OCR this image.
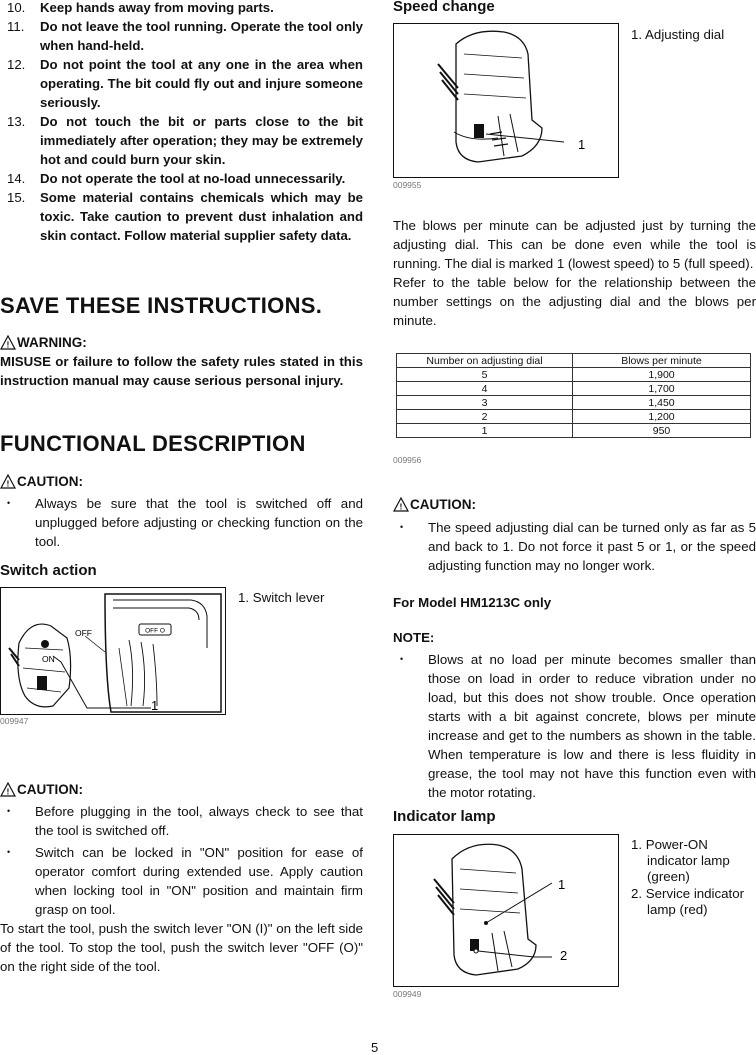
10.	Keep hands away from moving parts.
11.	Do not leave the tool running. Operate the tool only when hand-held.
12.	Do not point the tool at any one in the area when operating. The bit could fly out and injure someone seriously.
13.	Do not touch the bit or parts close to the bit immediately after operation; they may be extremely hot and could burn your skin.
14.	Do not operate the tool at no-load unnecessarily.
15.	Some material contains chemicals which may be toxic. Take caution to prevent dust inhalation and skin contact. Follow material supplier safety data.
SAVE THESE INSTRUCTIONS.
! WARNING:

MISUSE or failure to follow the safety rules stated in this instruction manual may cause serious personal injury.

FUNCTIONAL DESCRIPTION
! CAUTION:
•	Always be sure that the tool is switched off and unplugged before adjusting or checking function on the tool.
Switch action
OFF O
OFF
ON
1
1. Switch lever
009947
! CAUTION:
•	Before plugging in the tool, always check to see that the tool is switched off.
•	Switch can be locked in "ON" position for ease of operator comfort during extended use. Apply caution when locking tool in "ON" position and maintain firm grasp on tool.

To start the tool, push the switch lever "ON (I)" on the left side of the tool. To stop the tool, push the switch lever "OFF (O)" on the right side of the tool.

Speed change
1
1. Adjusting dial
009955

The blows per minute can be adjusted just by turning the adjusting dial. This can be done even while the tool is running. The dial is marked 1 (lowest speed) to 5 (full speed).

Refer to the table below for the relationship between the number settings on the adjusting dial and the blows per minute.

Number on adjusting dial	Blows per minute
5	1,900
4	1,700
3	1,450
2	1,200
1	950
009956
! CAUTION:
•	The speed adjusting dial can be turned only as far as 5 and back to 1. Do not force it past 5 or 1, or the speed adjusting function may no longer work.
For Model HM1213C only
NOTE:
•	Blows at no load per minute becomes smaller than those on load in order to reduce vibration under no load, but this does not show trouble. Once operation starts with a bit against concrete, blows per minute increase and get to the numbers as shown in the table. When temperature is low and there is less fluidity in grease, the tool may not have this function even with the motor rotating.
Indicator lamp
1
2
1. Power-ON indicator lamp (green)
2. Service indicator lamp (red)
009949
5
